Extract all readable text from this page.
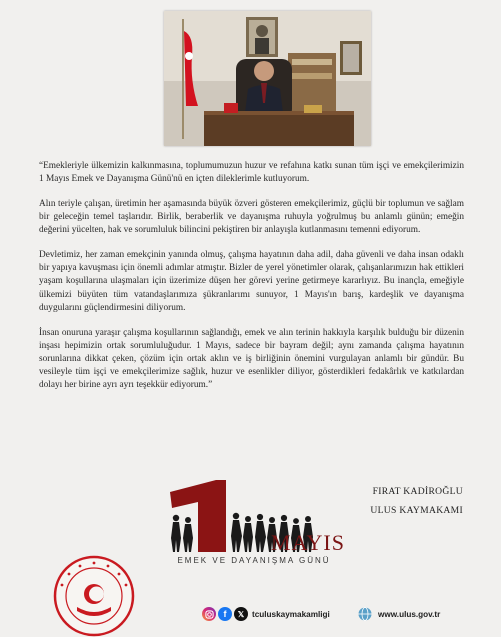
“Emekleriyle ülkemizin kalkınmasına, toplumumuzun huzur ve refahına katkı sunan tüm işçi ve emekçilerimizin 1 Mayıs Emek ve Dayanışma Günü'nü en içten dileklerimle kutluyorum.

Alın teriyle çalışan, üretimin her aşamasında büyük özveri gösteren emekçilerimiz, güçlü bir toplumun ve sağlam bir geleceğin temel taşlarıdır. Birlik, beraberlik ve dayanışma ruhuyla yoğrulmuş bu anlamlı günün; emeğin değerini yücelten, hak ve sorumluluk bilincini pekiştiren bir anlayışla kutlanmasını temenni ediyorum.

Devletimiz, her zaman emekçinin yanında olmuş, çalışma hayatının daha adil, daha güvenli ve daha insan odaklı bir yapıya kavuşması için önemli adımlar atmıştır. Bizler de yerel yönetimler olarak, çalışanlarımızın hak ettikleri yaşam koşullarına ulaşmaları için üzerimize düşen her görevi yerine getirmeye kararlıyız. Bu inançla, emeğiyle ülkemizi büyüten tüm vatandaşlarımıza şükranlarımı sunuyor, 1 Mayıs'ın barış, kardeşlik ve dayanışma duygularını güçlendirmesini diliyorum.

İnsan onuruna yaraşır çalışma koşullarının sağlandığı, emek ve alın terinin hakkıyla karşılık bulduğu bir düzenin inşası hepimizin ortak sorumluluğudur. 1 Mayıs, sadece bir bayram değil; aynı zamanda çalışma hayatının sorunlarına dikkat çeken, çözüm için ortak aklın ve iş birliğinin önemini vurgulayan anlamlı bir gündür. Bu vesileyle tüm işçi ve emekçilerimize sağlık, huzur ve esenlikler diliyor, gösterdikleri fedakârlık ve katkılardan dolayı her birine ayrı ayrı teşekkür ediyorum.”

FIRAT KADİROĞLU
ULUS KAYMAKAMI
MAYIS
EMEK VE DAYANIŞMA GÜNÜ
f	𝕏 tculuskaymakamligi	www.ulus.gov.tr
